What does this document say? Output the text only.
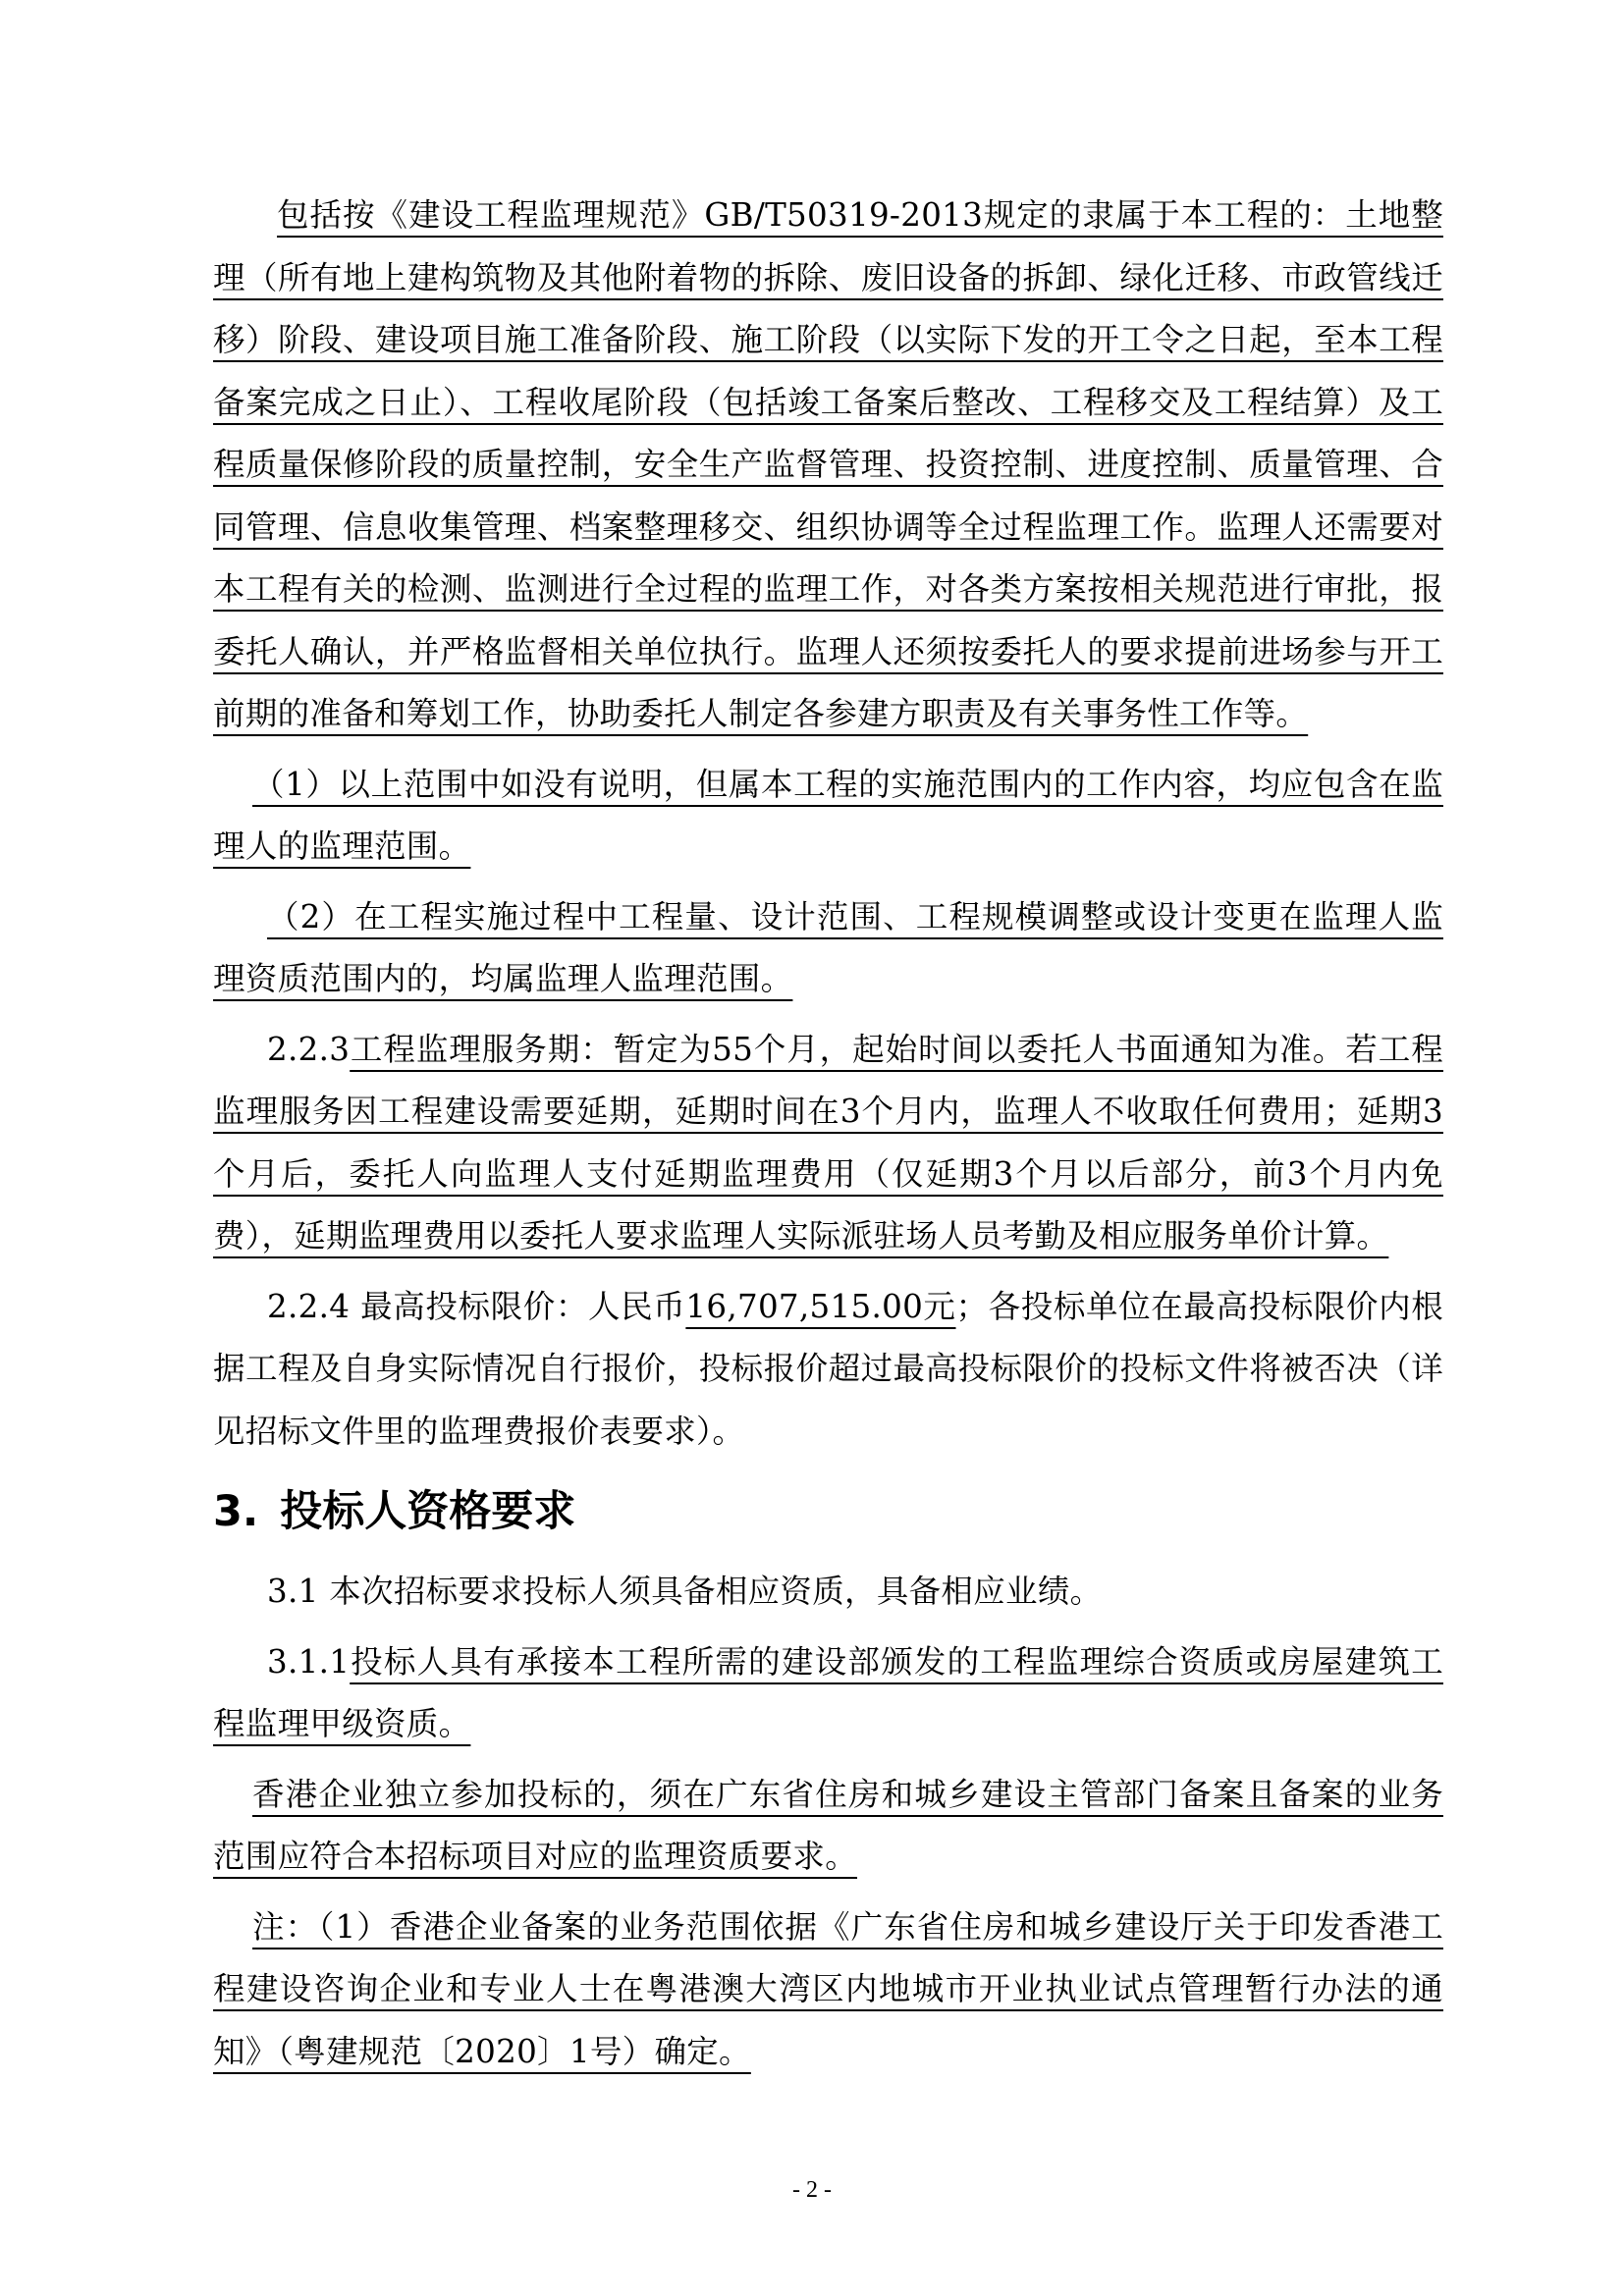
包括按《建设工程监理规范》GB/T50319-2013规定的隶属于本工程的：土地整理（所有地上建构筑物及其他附着物的拆除、废旧设备的拆卸、绿化迁移、市政管线迁移）阶段、建设项目施工准备阶段、施工阶段（以实际下发的开工令之日起，至本工程备案完成之日止）、工程收尾阶段（包括竣工备案后整改、工程移交及工程结算）及工程质量保修阶段的质量控制，安全生产监督管理、投资控制、进度控制、质量管理、合同管理、信息收集管理、档案整理移交、组织协调等全过程监理工作。监理人还需要对本工程有关的检测、监测进行全过程的监理工作，对各类方案按相关规范进行审批，报委托人确认，并严格监督相关单位执行。监理人还须按委托人的要求提前进场参与开工前期的准备和筹划工作，协助委托人制定各参建方职责及有关事务性工作等。

（1）以上范围中如没有说明，但属本工程的实施范围内的工作内容，均应包含在监理人的监理范围。

（2）在工程实施过程中工程量、设计范围、工程规模调整或设计变更在监理人监理资质范围内的，均属监理人监理范围。

2.2.3工程监理服务期：暂定为55个月，起始时间以委托人书面通知为准。若工程监理服务因工程建设需要延期，延期时间在3个月内，监理人不收取任何费用；延期3个月后，委托人向监理人支付延期监理费用（仅延期3个月以后部分，前3个月内免费），延期监理费用以委托人要求监理人实际派驻场人员考勤及相应服务单价计算。

2.2.4 最高投标限价：人民币16,707,515.00元；各投标单位在最高投标限价内根据工程及自身实际情况自行报价，投标报价超过最高投标限价的投标文件将被否决（详见招标文件里的监理费报价表要求）。

3. 投标人资格要求

3.1 本次招标要求投标人须具备相应资质，具备相应业绩。

3.1.1投标人具有承接本工程所需的建设部颁发的工程监理综合资质或房屋建筑工程监理甲级资质。

香港企业独立参加投标的，须在广东省住房和城乡建设主管部门备案且备案的业务范围应符合本招标项目对应的监理资质要求。

注：（1）香港企业备案的业务范围依据《广东省住房和城乡建设厅关于印发香港工程建设咨询企业和专业人士在粤港澳大湾区内地城市开业执业试点管理暂行办法的通知》（粤建规范〔2020〕1号）确定。

- 2 -
